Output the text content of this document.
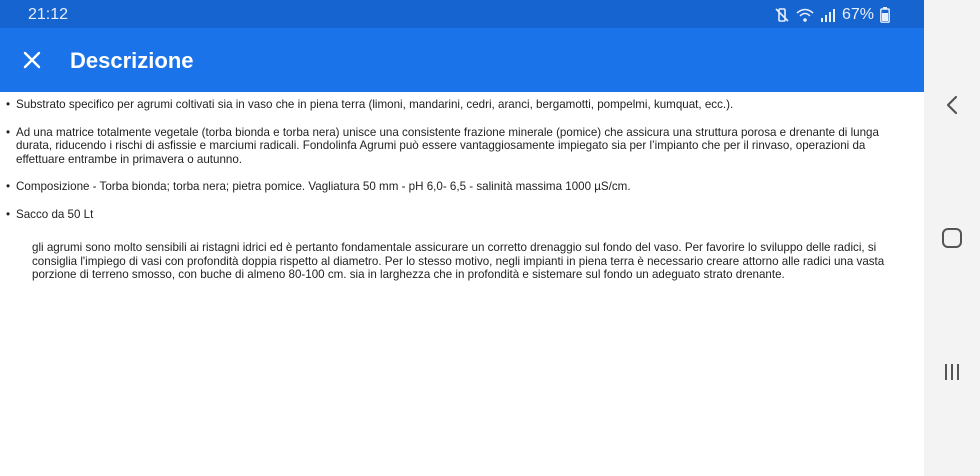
21:12	67%
Descrizione
• Substrato specifico per agrumi coltivati sia in vaso che in piena terra (limoni, mandarini, cedri, aranci, bergamotti, pompelmi, kumquat, ecc.).
• Ad una matrice totalmente vegetale (torba bionda e torba nera) unisce una consistente frazione minerale (pomice) che assicura una struttura porosa e drenante di lunga durata, riducendo i rischi di asfissie e marciumi radicali. Fondolinfa Agrumi può essere vantaggiosamente impiegato sia per l’impianto che per il rinvaso, operazioni da effettuare entrambe in primavera o autunno.
• Composizione - Torba bionda; torba nera; pietra pomice. Vagliatura 50 mm - pH 6,0- 6,5 - salinità massima 1000 µS/cm.
• Sacco da 50 Lt
gli agrumi sono molto sensibili ai ristagni idrici ed è pertanto fondamentale assicurare un corretto drenaggio sul fondo del vaso. Per favorire lo sviluppo delle radici, si consiglia l'impiego di vasi con profondità doppia rispetto al diametro. Per lo stesso motivo, negli impianti in piena terra è necessario creare attorno alle radici una vasta porzione di terreno smosso, con buche di almeno 80-100 cm. sia in larghezza che in profondità e sistemare sul fondo un adeguato strato drenante.
